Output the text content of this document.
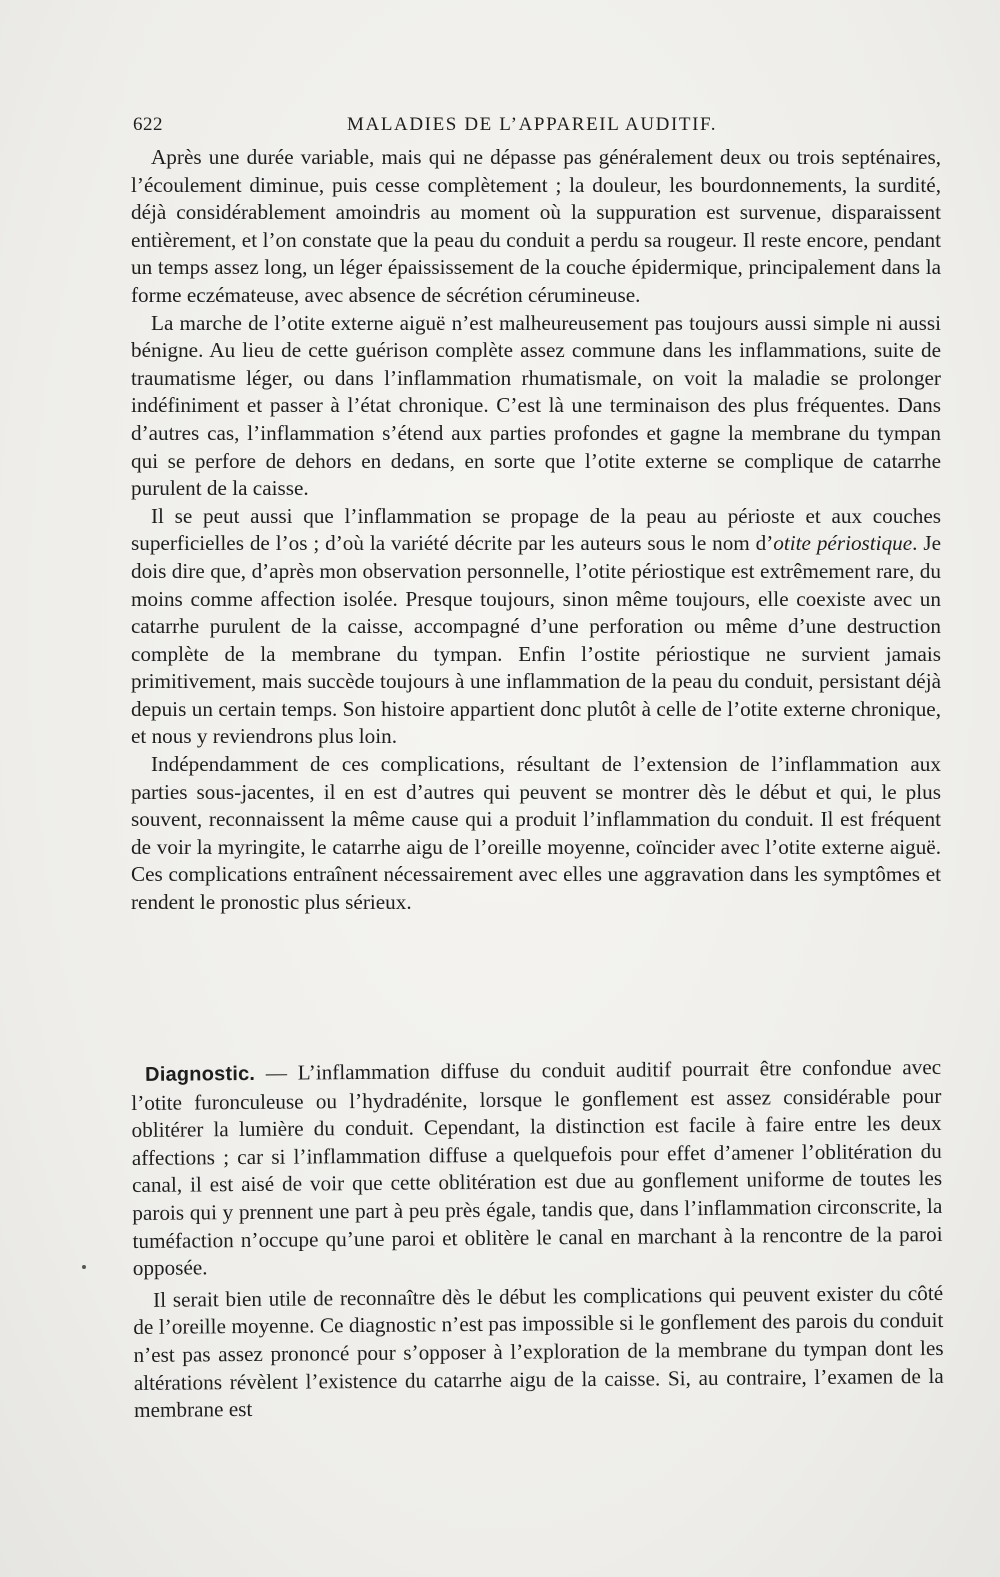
622	MALADIES DE L’APPAREIL AUDITIF.

Après une durée variable, mais qui ne dépasse pas généralement deux ou trois septénaires, l’écoulement diminue, puis cesse complètement ; la douleur, les bourdonnements, la surdité, déjà considérablement amoindris au moment où la suppuration est survenue, disparaissent entièrement, et l’on constate que la peau du conduit a perdu sa rougeur. Il reste encore, pendant un temps assez long, un léger épaississement de la couche épidermique, principalement dans la forme eczémateuse, avec absence de sécrétion cérumineuse.

La marche de l’otite externe aiguë n’est malheureusement pas toujours aussi simple ni aussi bénigne. Au lieu de cette guérison complète assez commune dans les inflammations, suite de traumatisme léger, ou dans l’inflammation rhumatismale, on voit la maladie se prolonger indéfiniment et passer à l’état chronique. C’est là une terminaison des plus fréquentes. Dans d’autres cas, l’inflammation s’étend aux parties profondes et gagne la membrane du tympan qui se perfore de dehors en dedans, en sorte que l’otite externe se complique de catarrhe purulent de la caisse.

Il se peut aussi que l’inflammation se propage de la peau au périoste et aux couches superficielles de l’os ; d’où la variété décrite par les auteurs sous le nom d’otite périostique. Je dois dire que, d’après mon observation personnelle, l’otite périostique est extrêmement rare, du moins comme affection isolée. Presque toujours, sinon même toujours, elle coexiste avec un catarrhe purulent de la caisse, accompagné d’une perforation ou même d’une destruction complète de la membrane du tympan. Enfin l’ostite périostique ne survient jamais primitivement, mais succède toujours à une inflammation de la peau du conduit, persistant déjà depuis un certain temps. Son histoire appartient donc plutôt à celle de l’otite externe chronique, et nous y reviendrons plus loin.

Indépendamment de ces complications, résultant de l’extension de l’inflammation aux parties sous-jacentes, il en est d’autres qui peuvent se montrer dès le début et qui, le plus souvent, reconnaissent la même cause qui a produit l’inflammation du conduit. Il est fréquent de voir la myringite, le catarrhe aigu de l’oreille moyenne, coïncider avec l’otite externe aiguë. Ces complications entraînent nécessairement avec elles une aggravation dans les symptômes et rendent le pronostic plus sérieux.

Diagnostic. — L’inflammation diffuse du conduit auditif pourrait être confondue avec l’otite furonculeuse ou l’hydradénite, lorsque le gonflement est assez considérable pour oblitérer la lumière du conduit. Cependant, la distinction est facile à faire entre les deux affections ; car si l’inflammation diffuse a quelquefois pour effet d’amener l’oblitération du canal, il est aisé de voir que cette oblitération est due au gonflement uniforme de toutes les parois qui y prennent une part à peu près égale, tandis que, dans l’inflammation circonscrite, la tuméfaction n’occupe qu’une paroi et oblitère le canal en marchant à la rencontre de la paroi opposée.

Il serait bien utile de reconnaître dès le début les complications qui peuvent exister du côté de l’oreille moyenne. Ce diagnostic n’est pas impossible si le gonflement des parois du conduit n’est pas assez prononcé pour s’opposer à l’exploration de la membrane du tympan dont les altérations révèlent l’existence du catarrhe aigu de la caisse. Si, au contraire, l’examen de la membrane est
